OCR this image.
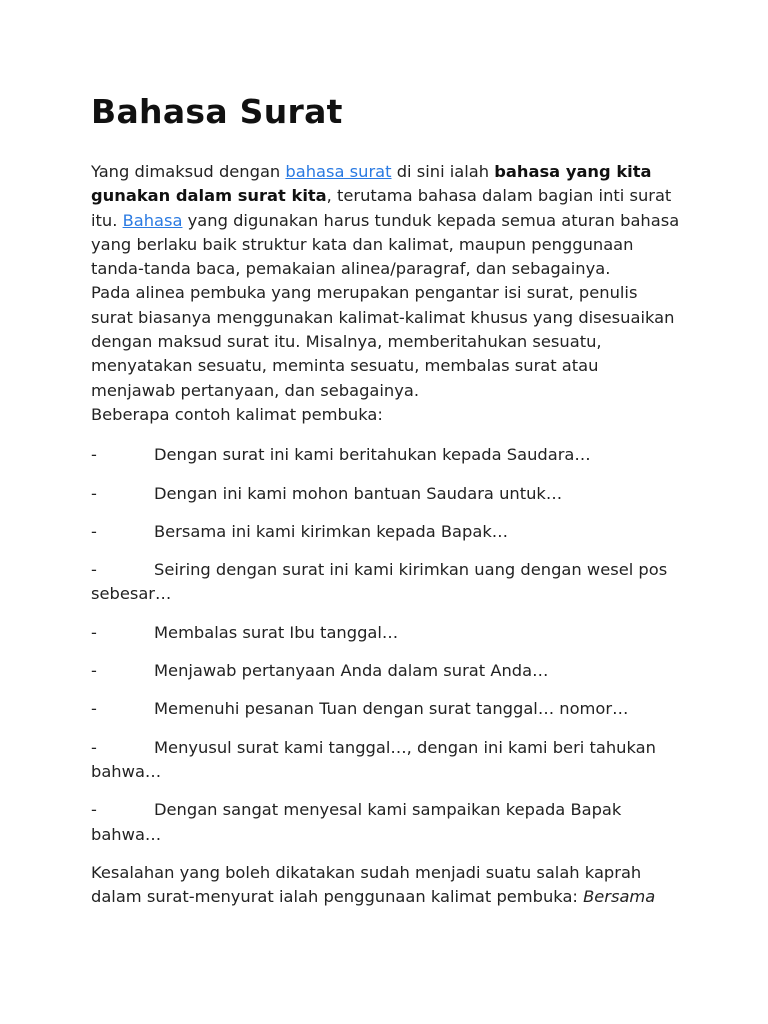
Bahasa Surat

Yang dimaksud dengan bahasa surat di sini ialah bahasa yang kita gunakan dalam surat kita, terutama bahasa dalam bagian inti surat itu. Bahasa yang digunakan harus tunduk kepada semua aturan bahasa yang berlaku baik struktur kata dan kalimat, maupun penggunaan tanda-tanda baca, pemakaian alinea/paragraf, dan sebagainya.

Pada alinea pembuka yang merupakan pengantar isi surat, penulis surat biasanya menggunakan kalimat-kalimat khusus yang disesuaikan dengan maksud surat itu. Misalnya, memberitahukan sesuatu, menyatakan sesuatu, meminta sesuatu, membalas surat atau menjawab pertanyaan, dan sebagainya.

Beberapa contoh kalimat pembuka:

-	Dengan surat ini kami beritahukan kepada Saudara…
-	Dengan ini kami mohon bantuan Saudara untuk…
-	Bersama ini kami kirimkan kepada Bapak…
-	Seiring dengan surat ini kami kirimkan uang dengan wesel pos sebesar…
-	Membalas surat Ibu tanggal…
-	Menjawab pertanyaan Anda dalam surat Anda…
-	Memenuhi pesanan Tuan dengan surat tanggal… nomor…
-	Menyusul surat kami tanggal…, dengan ini kami beri tahukan bahwa…
-	Dengan sangat menyesal kami sampaikan kepada Bapak bahwa…

Kesalahan yang boleh dikatakan sudah menjadi suatu salah kaprah dalam surat-menyurat ialah penggunaan kalimat pembuka: Bersama
